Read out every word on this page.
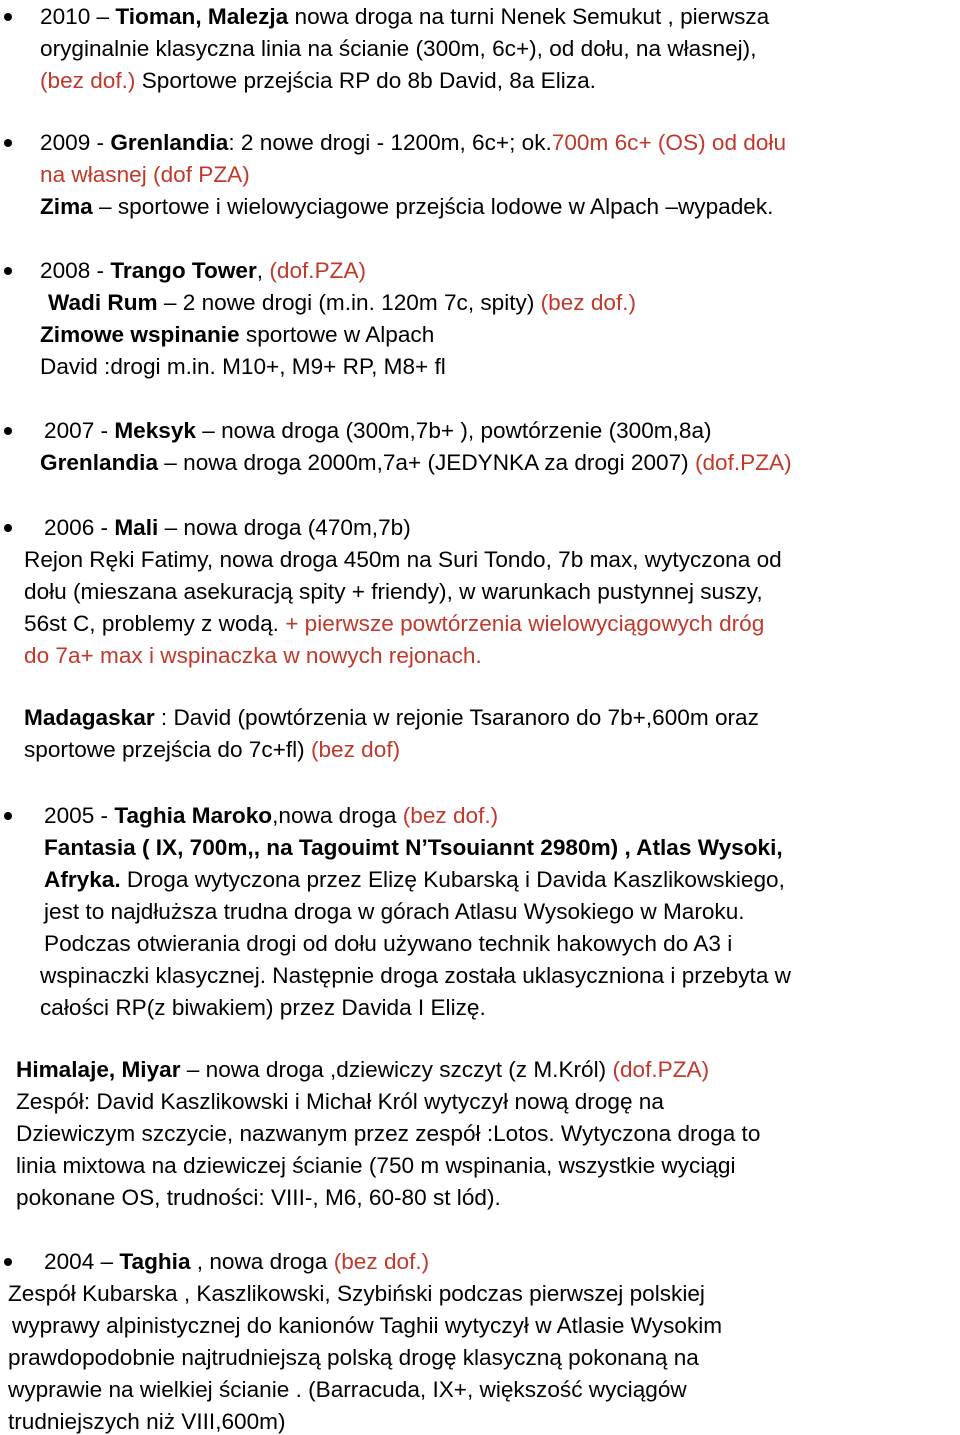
2010 – Tioman, Malezja nowa droga na turni Nenek Semukut , pierwsza
oryginalnie klasyczna linia na ścianie (300m, 6c+), od dołu, na własnej),
(bez dof.) Sportowe przejścia RP do 8b David, 8a Eliza.
2009 - Grenlandia: 2 nowe drogi - 1200m, 6c+; ok.700m 6c+ (OS) od dołu
na własnej (dof PZA)
Zima – sportowe i wielowyciagowe przejścia lodowe w Alpach –wypadek.
2008 - Trango Tower, (dof.PZA)
Wadi Rum – 2 nowe drogi (m.in. 120m 7c, spity) (bez dof.)
Zimowe wspinanie sportowe w Alpach
David :drogi m.in. M10+, M9+ RP, M8+ fl
2007 - Meksyk – nowa droga (300m,7b+ ), powtórzenie (300m,8a)
Grenlandia – nowa droga 2000m,7a+ (JEDYNKA za drogi 2007) (dof.PZA)
2006 - Mali – nowa droga (470m,7b)
Rejon Ręki Fatimy, nowa droga 450m na Suri Tondo, 7b max, wytyczona od
dołu (mieszana asekuracją spity + friendy), w warunkach pustynnej suszy,
56st C, problemy z wodą. + pierwsze powtórzenia wielowyciągowych dróg
do 7a+ max i wspinaczka w nowych rejonach.
Madagaskar : David (powtórzenia w rejonie Tsaranoro do 7b+,600m oraz
sportowe przejścia do 7c+fl) (bez dof)
2005 - Taghia Maroko,nowa droga (bez dof.)
Fantasia ( IX, 700m,, na Tagouimt N’Tsouiannt 2980m) , Atlas Wysoki,
Afryka. Droga wytyczona przez Elizę Kubarską i Davida Kaszlikowskiego,
jest to najdłuższa trudna droga w górach Atlasu Wysokiego w Maroku.
Podczas otwierania drogi od dołu używano technik hakowych do A3 i
wspinaczki klasycznej. Następnie droga została uklasyczniona i przebyta w
całości RP(z biwakiem) przez Davida I Elizę.
Himalaje, Miyar – nowa droga ,dziewiczy szczyt (z M.Król) (dof.PZA)
Zespół: David Kaszlikowski i Michał Król wytyczył nową drogę na
Dziewiczym szczycie, nazwanym przez zespół :Lotos. Wytyczona droga to
linia mixtowa na dziewiczej ścianie (750 m wspinania, wszystkie wyciągi
pokonane OS, trudności: VIII-, M6, 60-80 st lód).
2004 – Taghia , nowa droga (bez dof.)
Zespół Kubarska , Kaszlikowski, Szybiński podczas pierwszej polskiej
wyprawy alpinistycznej do kanionów Taghii wytyczył w Atlasie Wysokim
prawdopodobnie najtrudniejszą polską drogę klasyczną pokonaną na
wyprawie na wielkiej ścianie . (Barracuda, IX+, większość wyciągów
trudniejszych niż VIII,600m)
